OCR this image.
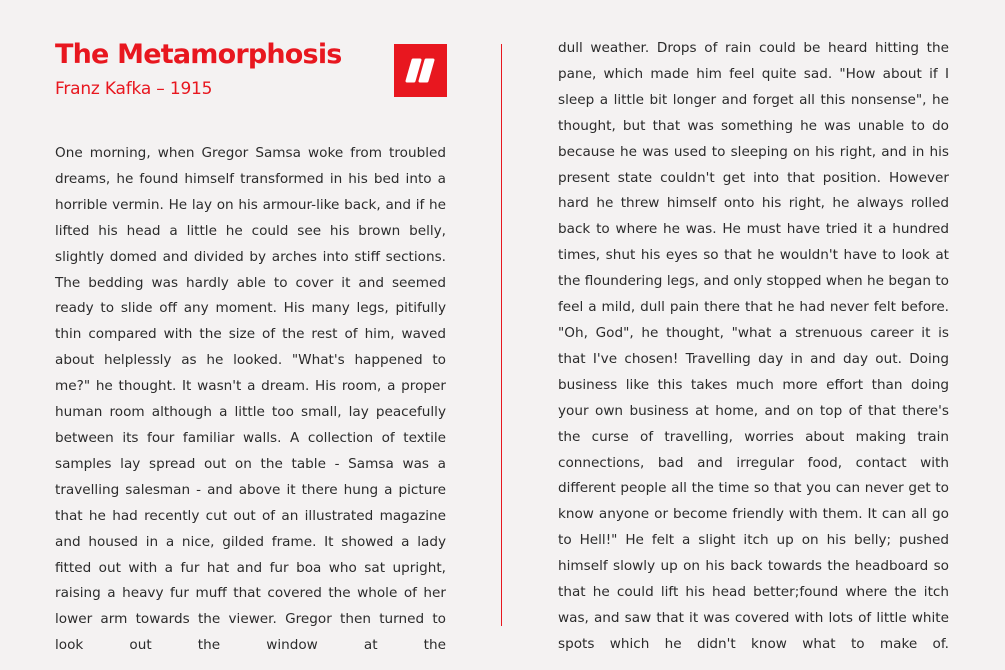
The Metamorphosis
Franz Kafka – 1915

One morning, when Gregor Samsa woke from troubled dreams, he found himself transformed in his bed into a horrible vermin. He lay on his armour-like back, and if he lifted his head a little he could see his brown belly, slightly domed and divided by arches into stiff sections. The bedding was hardly able to cover it and seemed ready to slide off any moment. His many legs, pitifully thin compared with the size of the rest of him, waved about helplessly as he looked. "What's happened to me?" he thought. It wasn't a dream. His room, a proper human room although a little too small, lay peacefully between its four familiar walls. A collection of textile samples lay spread out on the table - Samsa was a travelling salesman - and above it there hung a picture that he had recently cut out of an illustrated magazine and housed in a nice, gilded frame. It showed a lady fitted out with a fur hat and fur boa who sat upright, raising a heavy fur muff that covered the whole of her lower arm towards the viewer. Gregor then turned to look out the window at the

dull weather. Drops of rain could be heard hitting the pane, which made him feel quite sad. "How about if I sleep a little bit longer and forget all this nonsense", he thought, but that was something he was unable to do because he was used to sleeping on his right, and in his present state couldn't get into that position. However hard he threw himself onto his right, he always rolled back to where he was. He must have tried it a hundred times, shut his eyes so that he wouldn't have to look at the floundering legs, and only stopped when he began to feel a mild, dull pain there that he had never felt before. "Oh, God", he thought, "what a strenuous career it is that I've chosen! Travelling day in and day out. Doing business like this takes much more effort than doing your own business at home, and on top of that there's the curse of travelling, worries about making train connections, bad and irregular food, contact with different people all the time so that you can never get to know anyone or become friendly with them. It can all go to Hell!" He felt a slight itch up on his belly; pushed himself slowly up on his back towards the headboard so that he could lift his head better;found where the itch was, and saw that it was covered with lots of little white spots which he didn't know what to make of.
